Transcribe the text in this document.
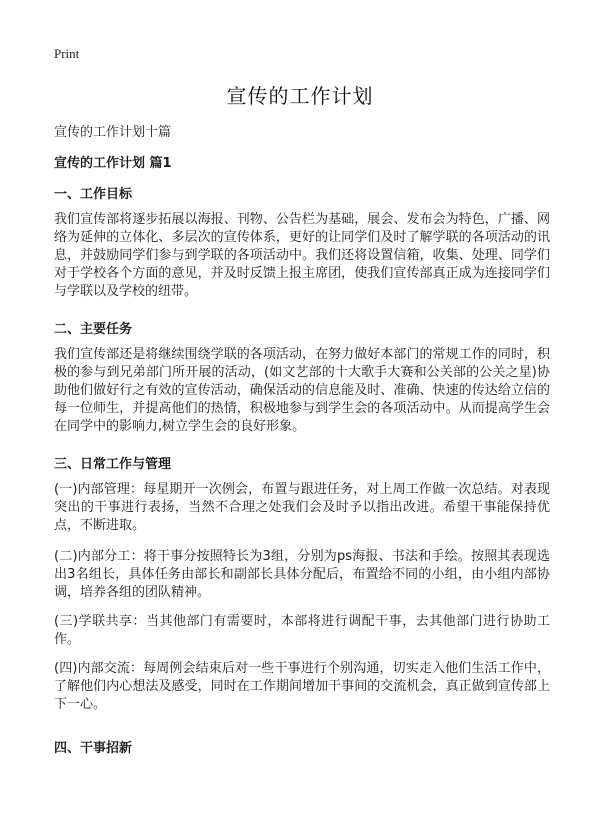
Print
宣传的工作计划
宣传的工作计划十篇
宣传的工作计划 篇1
一、工作目标
我们宣传部将逐步拓展以海报、刊物、公告栏为基础，展会、发布会为特色，广播、网络为延伸的立体化、多层次的宣传体系，更好的让同学们及时了解学联的各项活动的讯息，并鼓励同学们参与到学联的各项活动中。我们还将设置信箱，收集、处理、同学们对于学校各个方面的意见，并及时反馈上报主席团，使我们宣传部真正成为连接同学们与学联以及学校的纽带。
二、主要任务
我们宣传部还是将继续围绕学联的各项活动，在努力做好本部门的常规工作的同时，积极的参与到兄弟部门所开展的活动，(如文艺部的十大歌手大赛和公关部的公关之星)协助他们做好行之有效的宣传活动，确保活动的信息能及时、准确、快速的传达给立信的每一位师生，并提高他们的热情，积极地参与到学生会的各项活动中。从而提高学生会在同学中的影响力,树立学生会的良好形象。
三、日常工作与管理
(一)内部管理：每星期开一次例会，布置与跟进任务，对上周工作做一次总结。对表现突出的干事进行表扬，当然不合理之处我们会及时予以指出改进。希望干事能保持优点，不断进取。
(二)内部分工：将干事分按照特长为3组，分别为ps海报、书法和手绘。按照其表现选出3名组长，具体任务由部长和副部长具体分配后，布置给不同的小组，由小组内部协调，培养各组的团队精神。
(三)学联共享：当其他部门有需要时，本部将进行调配干事，去其他部门进行协助工作。
(四)内部交流：每周例会结束后对一些干事进行个别沟通，切实走入他们生活工作中，了解他们内心想法及感受，同时在工作期间增加干事间的交流机会，真正做到宣传部上下一心。
四、干事招新
